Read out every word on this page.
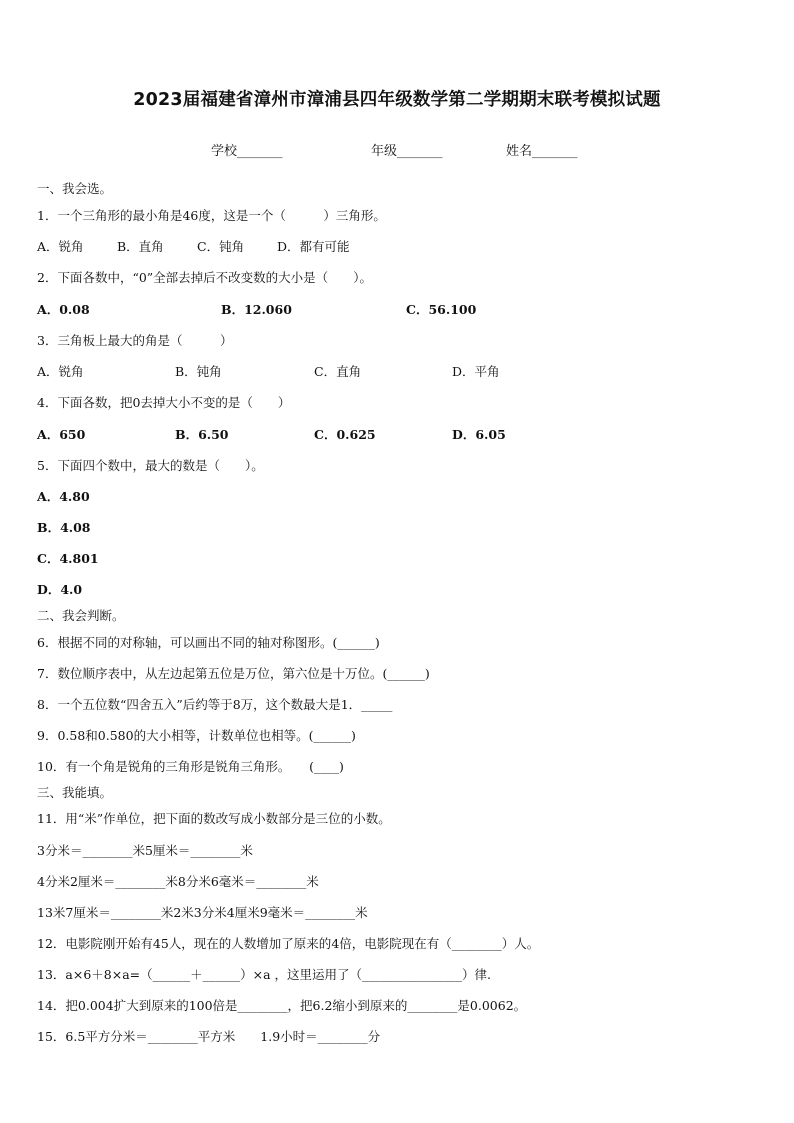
2023届福建省漳州市漳浦县四年级数学第二学期期末联考模拟试题
学校_______	年级_______	姓名_______
一、我会选。
1．一个三角形的最小角是46度，这是一个（　　　）三角形。
A．锐角	B．直角	C．钝角	D．都有可能
2．下面各数中，“0”全部去掉后不改变数的大小是（　　）。
A．0.08	B．12.060	C．56.100
3．三角板上最大的角是（　　　）
A．锐角	B．钝角	C．直角	D．平角
4．下面各数，把0去掉大小不变的是（　　）
A．650	B．6.50	C．0.625	D．6.05
5．下面四个数中，最大的数是（　　）。
A．4.80
B．4.08
C．4.801
D．4.0
二、我会判断。
6．根据不同的对称轴，可以画出不同的轴对称图形。(______)
7．数位顺序表中，从左边起第五位是万位，第六位是十万位。(______)
8．一个五位数“四舍五入”后约等于8万，这个数最大是1．_____
9．0.58和0.580的大小相等，计数单位也相等。(______)
10．有一个角是锐角的三角形是锐角三角形。　　(____)
三、我能填。
11．用“米”作单位，把下面的数改写成小数部分是三位的小数。
3分米＝________米5厘米＝________米
4分米2厘米＝________米8分米6毫米＝________米
13米7厘米＝________米2米3分米4厘米9毫米＝________米
12．电影院刚开始有45人，现在的人数增加了原来的4倍，电影院现在有（________）人。
13．a×6＋8×a=（______＋______）×a ，这里运用了（________________）律.
14．把0.004扩大到原来的100倍是________，把6.2缩小到原来的________是0.0062。
15．6.5平方分米＝________平方米　　1.9小时＝________分
